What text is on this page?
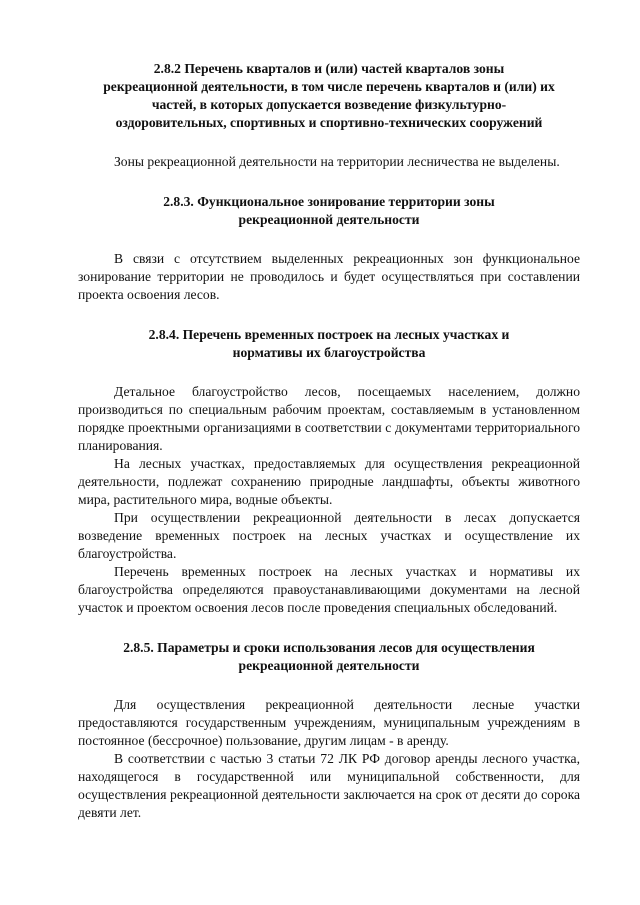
2.8.2 Перечень кварталов и (или) частей кварталов зоны
рекреационной деятельности, в том числе перечень кварталов и (или) их
частей, в которых допускается возведение физкультурно-
оздоровительных, спортивных и спортивно-технических сооружений

Зоны рекреационной деятельности на территории лесничества не выделены.

2.8.3. Функциональное зонирование территории зоны
рекреационной деятельности

В связи с отсутствием выделенных рекреационных зон функциональное зонирование территории не проводилось и будет осуществляться при составлении проекта освоения лесов.

2.8.4. Перечень временных построек на лесных участках и
нормативы их благоустройства

Детальное благоустройство лесов, посещаемых населением, должно производиться по специальным рабочим проектам, составляемым в установленном порядке проектными организациями в соответствии с документами территориального планирования.

На лесных участках, предоставляемых для осуществления рекреационной деятельности, подлежат сохранению природные ландшафты, объекты животного мира, растительного мира, водные объекты.

При осуществлении рекреационной деятельности в лесах допускается возведение временных построек на лесных участках и осуществление их благоустройства.

Перечень временных построек на лесных участках и нормативы их благоустройства определяются правоустанавливающими документами на лесной участок и проектом освоения лесов после проведения специальных обследований.

2.8.5. Параметры и сроки использования лесов для осуществления
рекреационной деятельности

Для осуществления рекреационной деятельности лесные участки предоставляются государственным учреждениям, муниципальным учреждениям в постоянное (бессрочное) пользование, другим лицам - в аренду.

В соответствии с частью 3 статьи 72 ЛК РФ договор аренды лесного участка, находящегося в государственной или муниципальной собственности, для осуществления рекреационной деятельности заключается на срок от десяти до сорока девяти лет.
